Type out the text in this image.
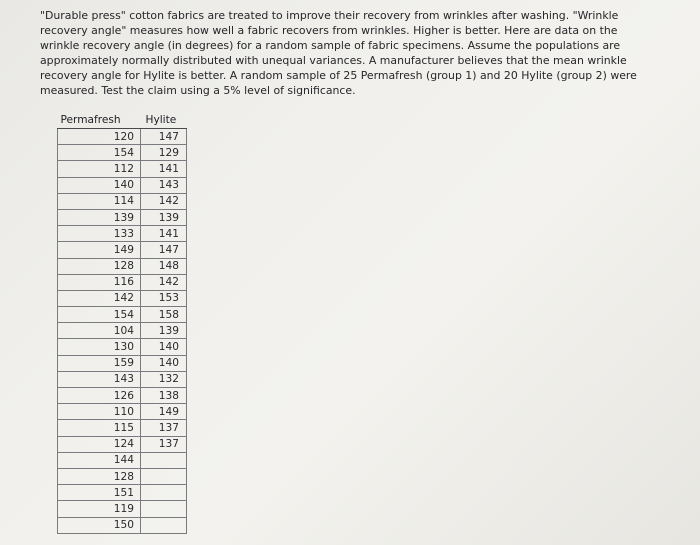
"Durable press" cotton fabrics are treated to improve their recovery from wrinkles after washing. "Wrinkle recovery angle" measures how well a fabric recovers from wrinkles. Higher is better. Here are data on the wrinkle recovery angle (in degrees) for a random sample of fabric specimens. Assume the populations are approximately normally distributed with unequal variances. A manufacturer believes that the mean wrinkle recovery angle for Hylite is better. A random sample of 25 Permafresh (group 1) and 20 Hylite (group 2) were measured. Test the claim using a 5% level of significance.

Permafresh	Hylite
120	147
154	129
112	141
140	143
114	142
139	139
133	141
149	147
128	148
116	142
142	153
154	158
104	139
130	140
159	140
143	132
126	138
110	149
115	137
124	137
144	
128	
151	
119	
150	
